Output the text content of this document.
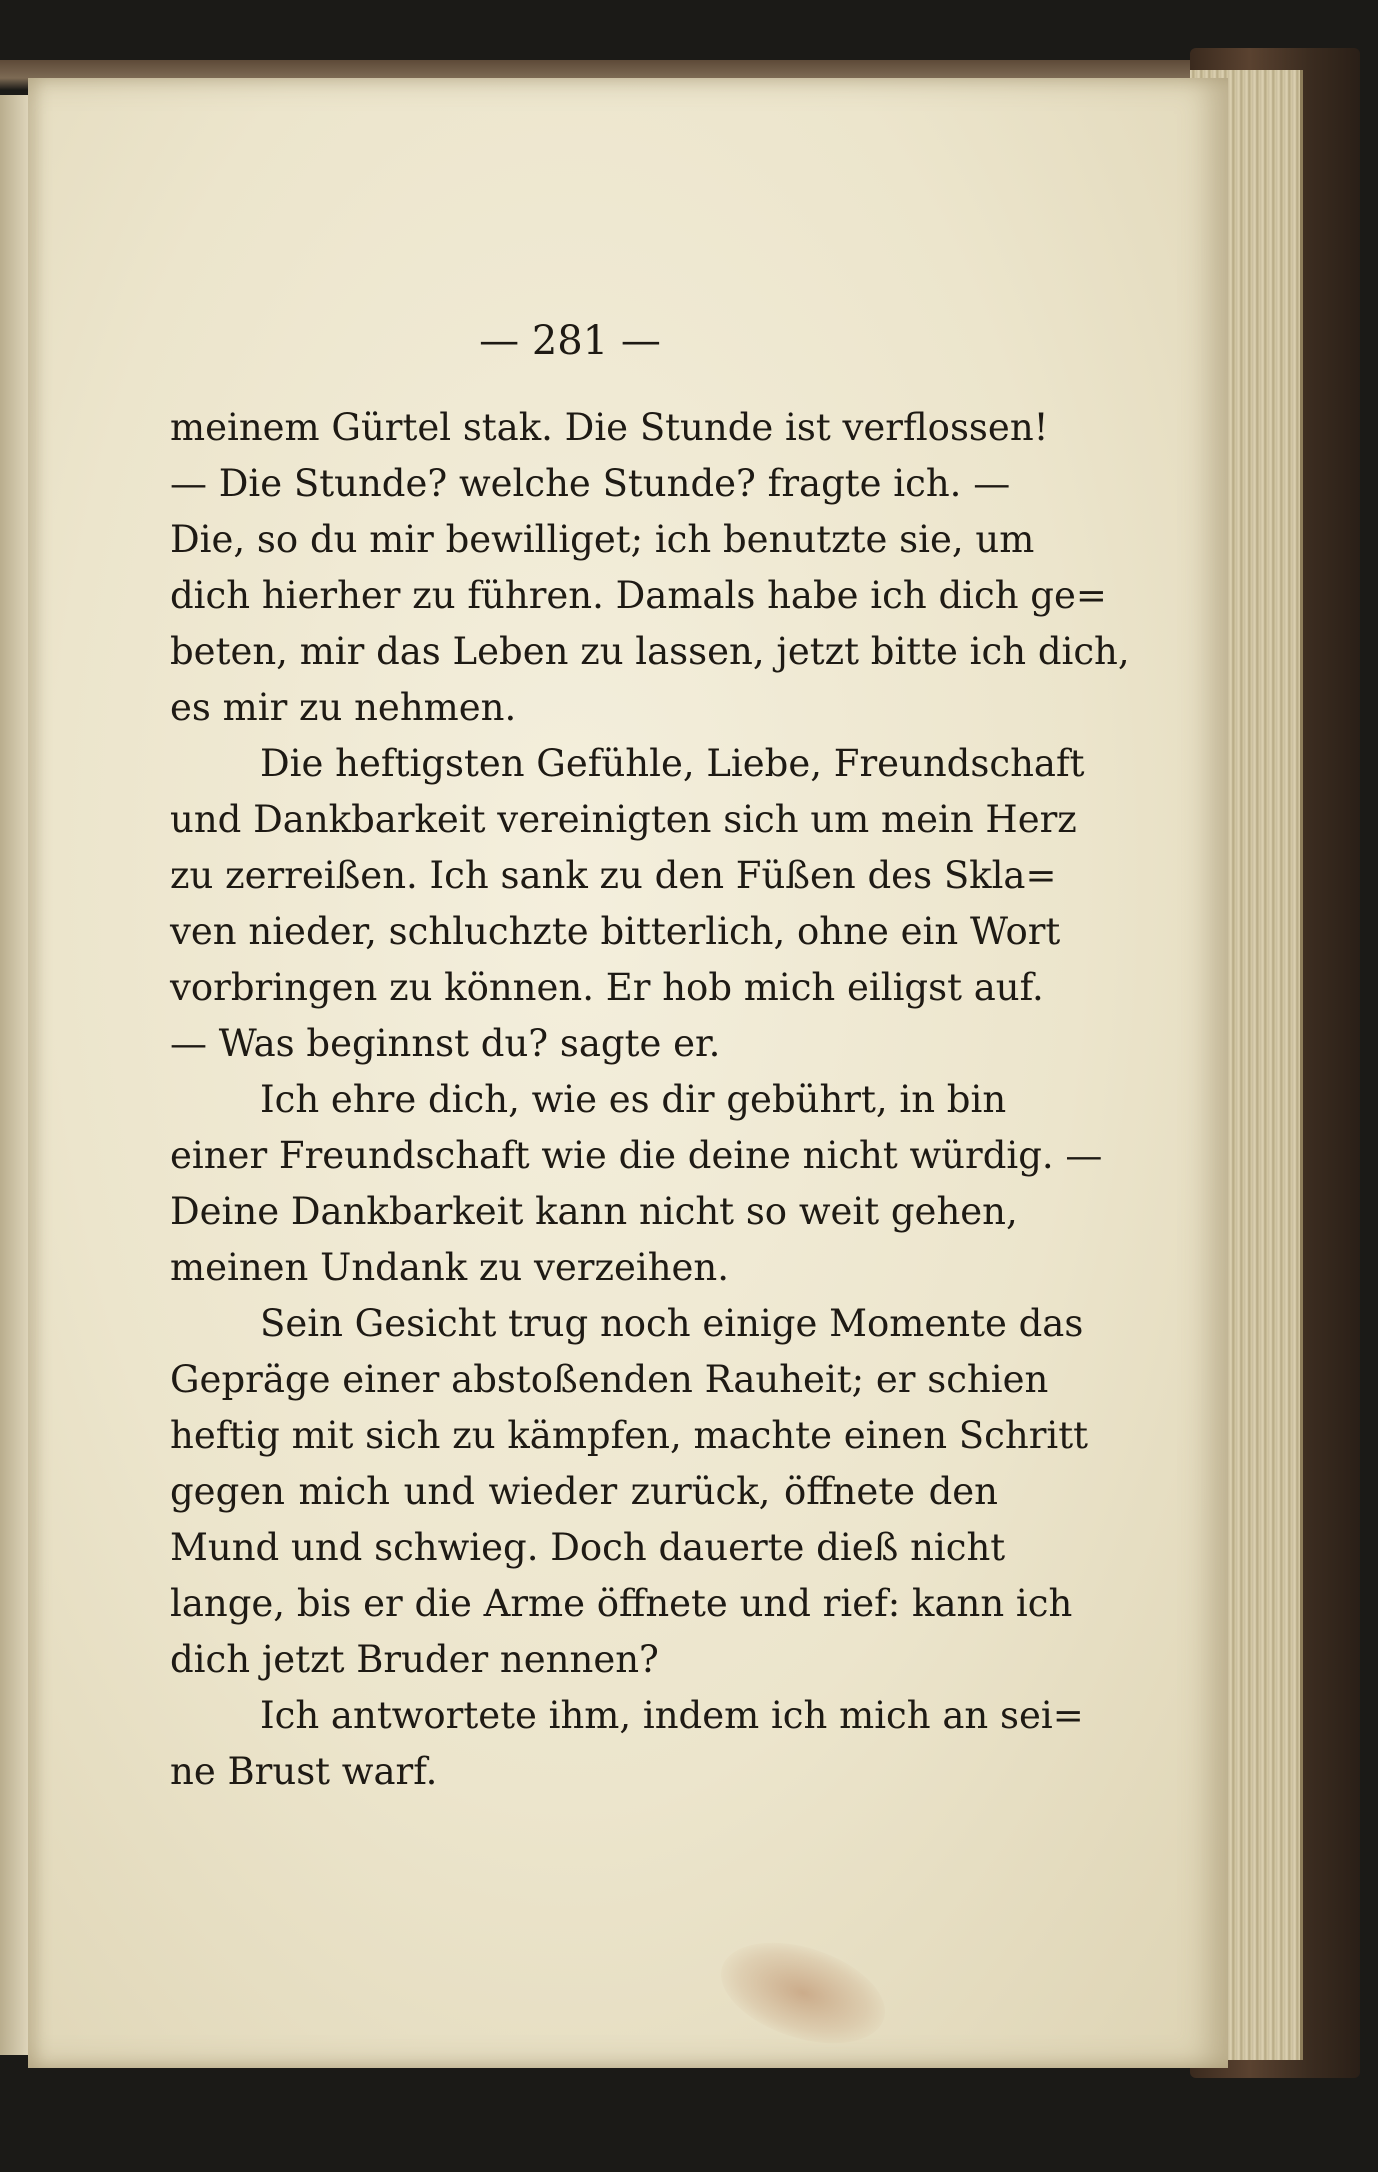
— 281 —
meinem Gürtel stak. Die Stunde ist verflossen!
— Die Stunde? welche Stunde? fragte ich. —
Die, so du mir bewilliget; ich benutzte sie, um
dich hierher zu führen. Damals habe ich dich ge=
beten, mir das Leben zu lassen, jetzt bitte ich dich,
es mir zu nehmen.
Die heftigsten Gefühle, Liebe, Freundschaft
und Dankbarkeit vereinigten sich um mein Herz
zu zerreißen. Ich sank zu den Füßen des Skla=
ven nieder, schluchzte bitterlich, ohne ein Wort
vorbringen zu können. Er hob mich eiligst auf.
— Was beginnst du? sagte er.
Ich ehre dich, wie es dir gebührt, in bin
einer Freundschaft wie die deine nicht würdig. —
Deine Dankbarkeit kann nicht so weit gehen,
meinen Undank zu verzeihen.
Sein Gesicht trug noch einige Momente das
Gepräge einer abstoßenden Rauheit; er schien
heftig mit sich zu kämpfen, machte einen Schritt
gegen mich und wieder zurück, öffnete den
Mund und schwieg. Doch dauerte dieß nicht
lange, bis er die Arme öffnete und rief: kann ich
dich jetzt Bruder nennen?
Ich antwortete ihm, indem ich mich an sei=
ne Brust warf.
